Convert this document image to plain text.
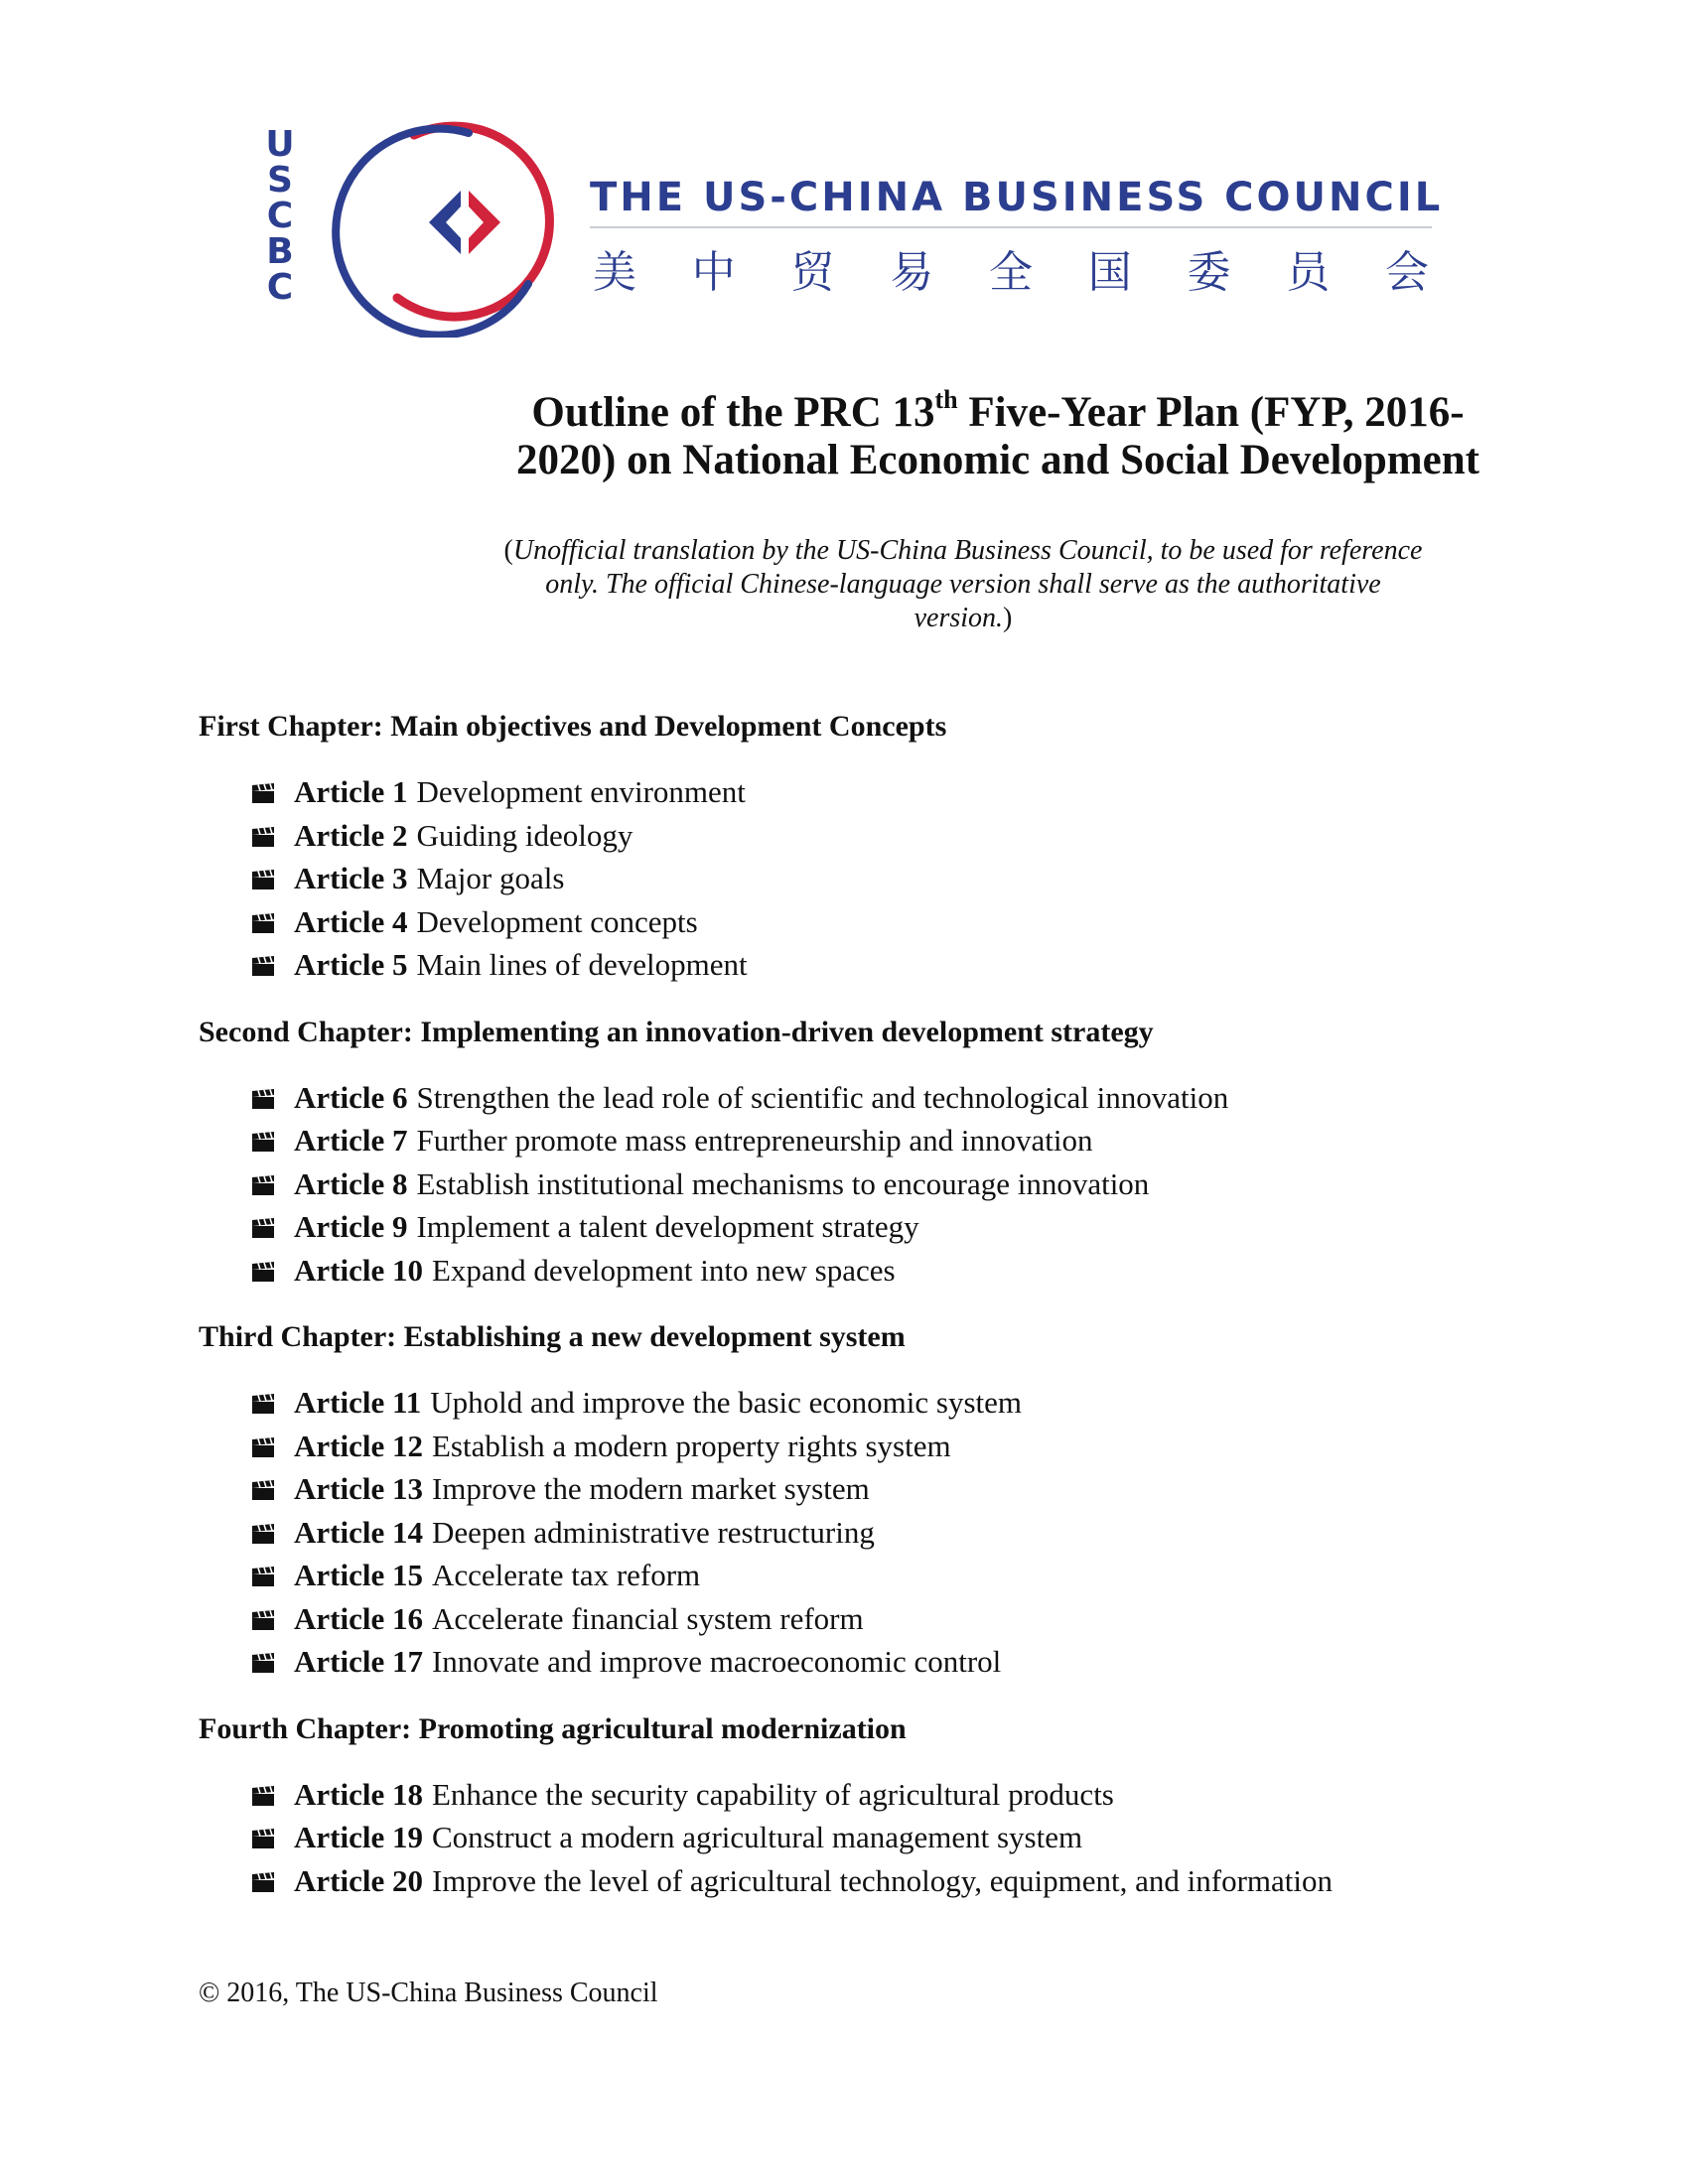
U
S
C
B
C
THE US-CHINA BUSINESS COUNCIL
美 中 贸 易 全 国 委 员 会
Outline of the PRC 13th Five-Year Plan (FYP, 2016-
2020) on National Economic and Social Development
(Unofficial translation by the US-China Business Council, to be used for reference only. The official Chinese-language version shall serve as the authoritative version.)
First Chapter: Main objectives and Development Concepts
Article 1 Development environment
Article 2 Guiding ideology
Article 3 Major goals
Article 4 Development concepts
Article 5 Main lines of development
Second Chapter: Implementing an innovation-driven development strategy
Article 6 Strengthen the lead role of scientific and technological innovation
Article 7 Further promote mass entrepreneurship and innovation
Article 8 Establish institutional mechanisms to encourage innovation
Article 9 Implement a talent development strategy
Article 10 Expand development into new spaces
Third Chapter: Establishing a new development system
Article 11 Uphold and improve the basic economic system
Article 12 Establish a modern property rights system
Article 13 Improve the modern market system
Article 14 Deepen administrative restructuring
Article 15 Accelerate tax reform
Article 16 Accelerate financial system reform
Article 17 Innovate and improve macroeconomic control
Fourth Chapter: Promoting agricultural modernization
Article 18 Enhance the security capability of agricultural products
Article 19 Construct a modern agricultural management system
Article 20 Improve the level of agricultural technology, equipment, and information
© 2016, The US-China Business Council
